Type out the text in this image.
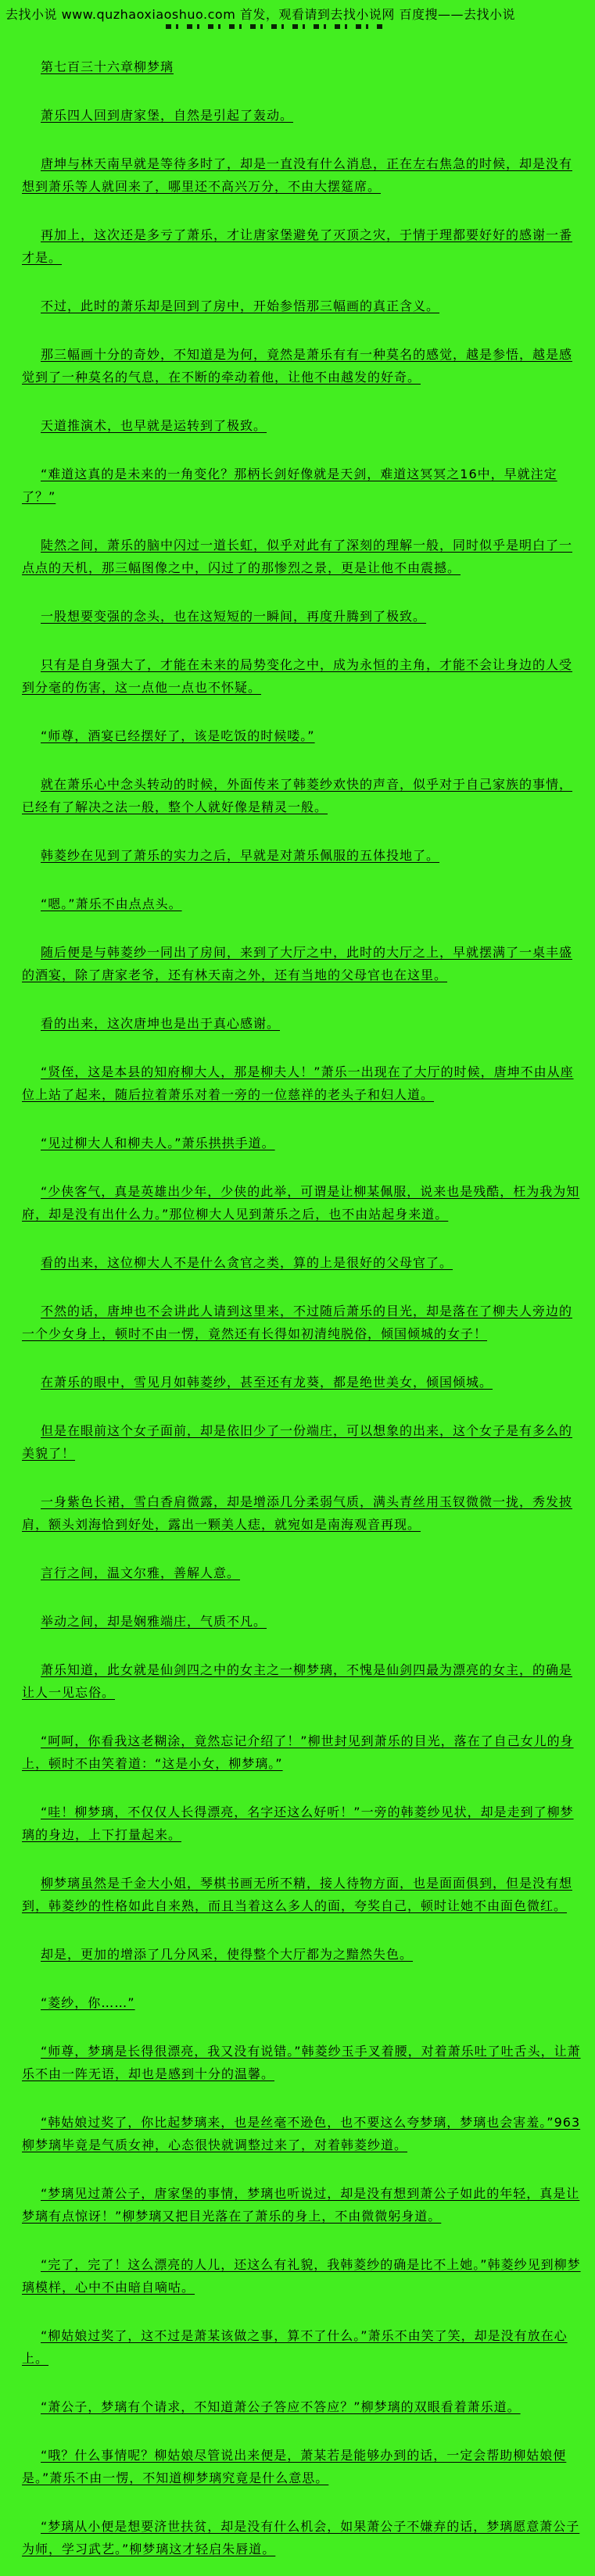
去找小说 www.quzhaoxiaoshuo.com 首发，观看请到去找小说网 百度搜——去找小说

第七百三十六章柳梦璃

萧乐四人回到唐家堡，自然是引起了轰动。

唐坤与林天南早就是等待多时了，却是一直没有什么消息，正在左右焦急的时候，却是没有想到萧乐等人就回来了，哪里还不高兴万分，不由大摆筵席。

再加上，这次还是多亏了萧乐，才让唐家堡避免了灭顶之灾，于情于理都要好好的感谢一番才是。

不过，此时的萧乐却是回到了房中，开始参悟那三幅画的真正含义。

那三幅画十分的奇妙，不知道是为何，竟然是萧乐有有一种莫名的感觉，越是参悟，越是感觉到了一种莫名的气息，在不断的牵动着他，让他不由越发的好奇。

天道推演术，也早就是运转到了极致。

“难道这真的是未来的一角变化？那柄长剑好像就是天剑，难道这冥冥之16中，早就注定了？”

陡然之间，萧乐的脑中闪过一道长虹，似乎对此有了深刻的理解一般，同时似乎是明白了一点点的天机，那三幅图像之中，闪过了的那惨烈之景，更是让他不由震撼。

一股想要变强的念头，也在这短短的一瞬间，再度升腾到了极致。

只有是自身强大了，才能在未来的局势变化之中，成为永恒的主角，才能不会让身边的人受到分毫的伤害，这一点他一点也不怀疑。

“师尊，酒宴已经摆好了，该是吃饭的时候喽。”

就在萧乐心中念头转动的时候，外面传来了韩菱纱欢快的声音，似乎对于自己家族的事情，已经有了解决之法一般，整个人就好像是精灵一般。

韩菱纱在见到了萧乐的实力之后，早就是对萧乐佩服的五体投地了。

“嗯。”萧乐不由点点头。

随后便是与韩菱纱一同出了房间，来到了大厅之中，此时的大厅之上，早就摆满了一桌丰盛的酒宴，除了唐家老爷，还有林天南之外，还有当地的父母官也在这里。

看的出来，这次唐坤也是出于真心感谢。

“贤侄，这是本县的知府柳大人，那是柳夫人！”萧乐一出现在了大厅的时候，唐坤不由从座位上站了起来，随后拉着萧乐对着一旁的一位慈祥的老头子和妇人道。

“见过柳大人和柳夫人。”萧乐拱拱手道。

“少侠客气，真是英雄出少年，少侠的此举，可谓是让柳某佩服，说来也是残酷，枉为我为知府，却是没有出什么力。”那位柳大人见到萧乐之后，也不由站起身来道。

看的出来，这位柳大人不是什么贪官之类，算的上是很好的父母官了。

不然的话，唐坤也不会讲此人请到这里来，不过随后萧乐的目光，却是落在了柳夫人旁边的一个少女身上，顿时不由一愣，竟然还有长得如初清纯脱俗，倾国倾城的女子！

在萧乐的眼中，雪见月如韩菱纱，甚至还有龙葵，都是绝世美女，倾国倾城。

但是在眼前这个女子面前，却是依旧少了一份端庄，可以想象的出来，这个女子是有多么的美貌了！

一身紫色长裙，雪白香肩微露，却是增添几分柔弱气质，满头青丝用玉钗微微一拢，秀发披肩，额头刘海恰到好处，露出一颗美人痣，就宛如是南海观音再现。

言行之间，温文尔雅，善解人意。

举动之间，却是娴雅端庄，气质不凡。

萧乐知道，此女就是仙剑四之中的女主之一柳梦璃，不愧是仙剑四最为漂亮的女主，的确是让人一见忘俗。

“呵呵，你看我这老糊涂，竟然忘记介绍了！”柳世封见到萧乐的目光，落在了自己女儿的身上，顿时不由笑着道：“这是小女，柳梦璃。”

“哇！柳梦璃，不仅仅人长得漂亮，名字还这么好听！”一旁的韩菱纱见状，却是走到了柳梦璃的身边，上下打量起来。

柳梦璃虽然是千金大小姐，琴棋书画无所不精，接人待物方面，也是面面俱到，但是没有想到，韩菱纱的性格如此自来熟，而且当着这么多人的面，夸奖自己，顿时让她不由面色微红。

却是，更加的增添了几分风采，使得整个大厅都为之黯然失色。

“菱纱，你……”

“师尊，梦璃是长得很漂亮，我又没有说错。”韩菱纱玉手叉着腰，对着萧乐吐了吐舌头，让萧乐不由一阵无语，却也是感到十分的温馨。

“韩姑娘过奖了，你比起梦璃来，也是丝毫不逊色，也不要这么夸梦璃，梦璃也会害羞。”963柳梦璃毕竟是气质女神，心态很快就调整过来了，对着韩菱纱道。

“梦璃见过萧公子，唐家堡的事情，梦璃也听说过，却是没有想到萧公子如此的年轻，真是让梦璃有点惊讶！”柳梦璃又把目光落在了萧乐的身上，不由微微躬身道。

“完了，完了！这么漂亮的人儿，还这么有礼貌，我韩菱纱的确是比不上她。”韩菱纱见到柳梦璃模样，心中不由暗自嘀咕。

“柳姑娘过奖了，这不过是萧某该做之事，算不了什么。”萧乐不由笑了笑，却是没有放在心上。

“萧公子，梦璃有个请求，不知道萧公子答应不答应？”柳梦璃的双眼看着萧乐道。

“哦？什么事情呢？柳姑娘尽管说出来便是，萧某若是能够办到的话，一定会帮助柳姑娘便是。”萧乐不由一愣，不知道柳梦璃究竟是什么意思。

“梦璃从小便是想要济世扶贫，却是没有什么机会，如果萧公子不嫌弃的话，梦璃愿意萧公子为师，学习武艺。”柳梦璃这才轻启朱唇道。
